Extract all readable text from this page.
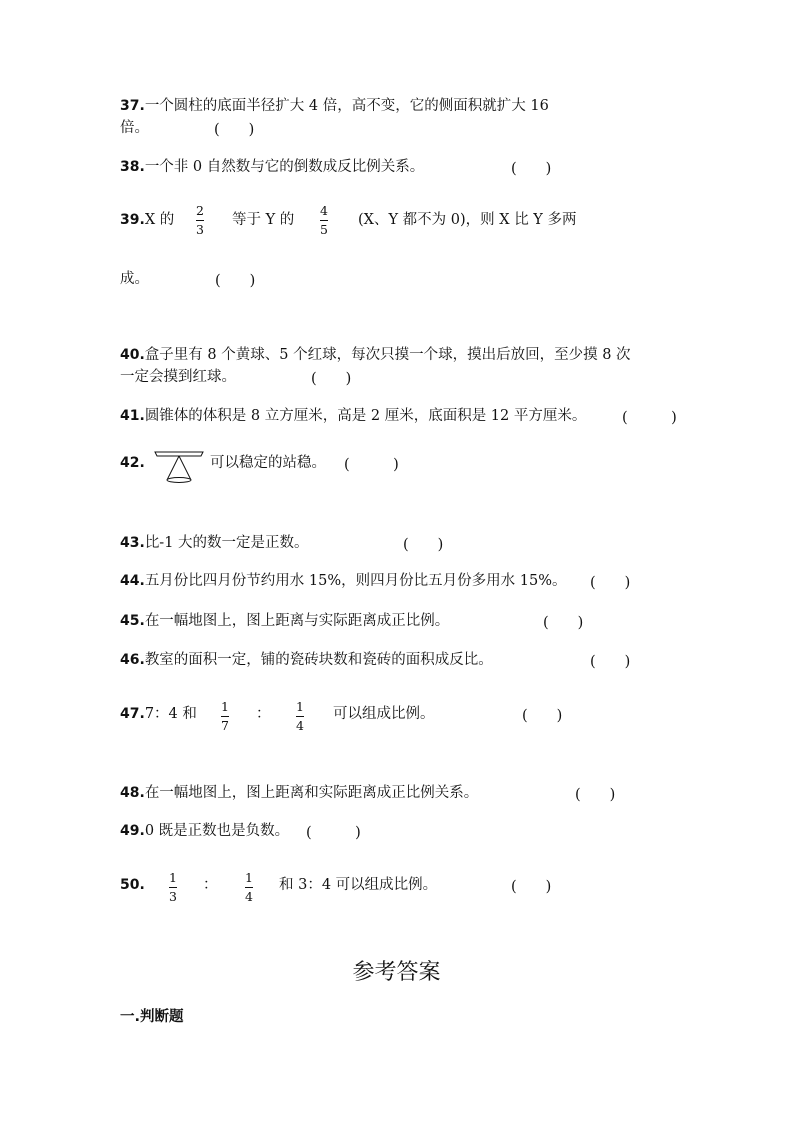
37.一个圆柱的底面半径扩大 4 倍，高不变，它的侧面积就扩大 16
倍。	(　　)
38.一个非 0 自然数与它的倒数成反比例关系。	(　　)
39.X 的
2
3
等于 Y 的
4
5
(X、Y 都不为 0)，则 X 比 Y 多两
成。	(　　)
40.盒子里有 8 个黄球、5 个红球，每次只摸一个球，摸出后放回，至少摸 8 次
一定会摸到红球。	(　　)
41.圆锥体的体积是 8 立方厘米，高是 2 厘米，底面积是 12 平方厘米。 (　　　)
42.	可以稳定的站稳。 (　　　)
43.比-1 大的数一定是正数。	(　　)
44.五月份比四月份节约用水 15%，则四月份比五月份多用水 15%。 (　　)
45.在一幅地图上，图上距离与实际距离成正比例。	(　　)
46.教室的面积一定，铺的瓷砖块数和瓷砖的面积成反比。	(　　)
47.7：4 和 1
7
： 1
4
可以组成比例。	(　　)
48.在一幅地图上，图上距离和实际距离成正比例关系。	(　　)
49.0 既是正数也是负数。 (　　　)
50. 1
3
： 1
4
和 3：4 可以组成比例。	(　　)
参考答案
一.判断题
